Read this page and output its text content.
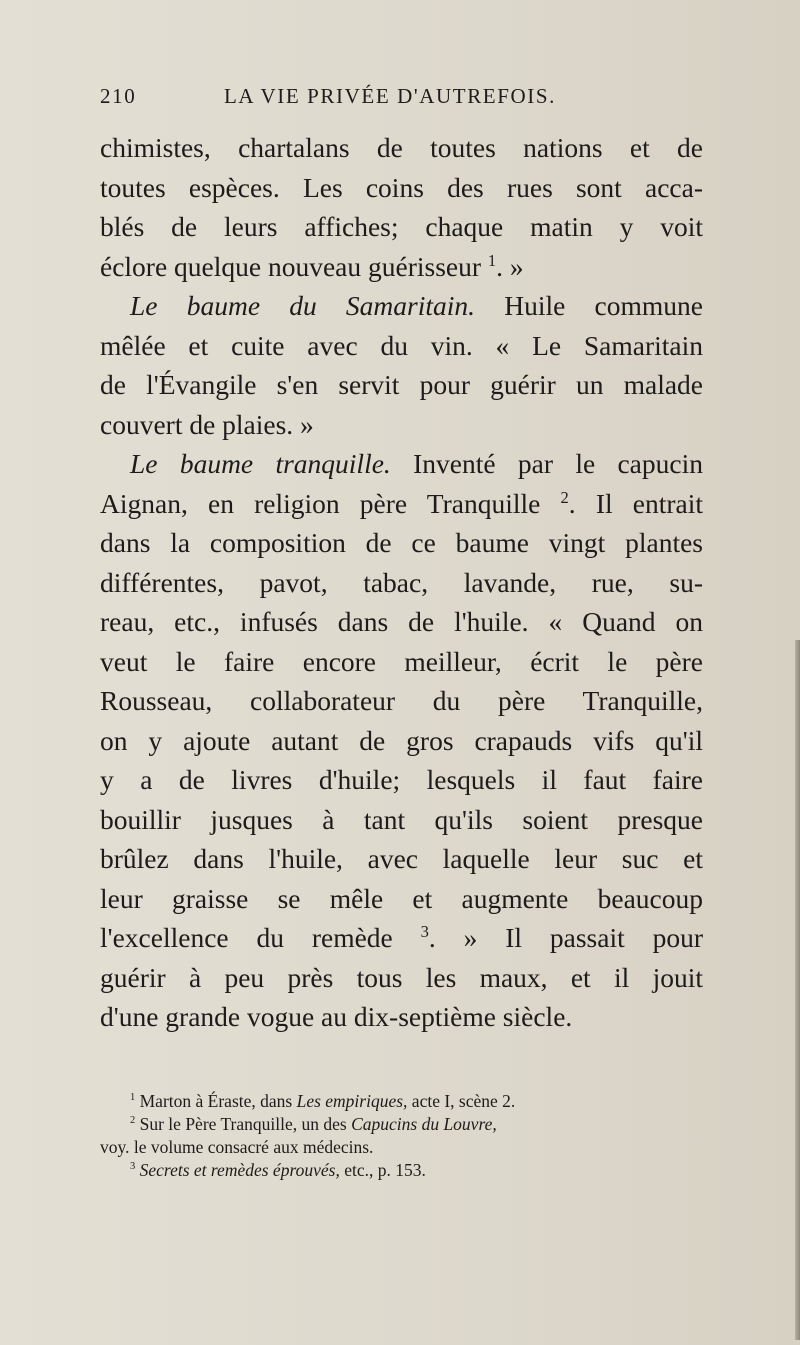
210	LA VIE PRIVÉE D'AUTREFOIS.
chimistes, chartalans de toutes nations et de
toutes espèces. Les coins des rues sont acca-
blés de leurs affiches; chaque matin y voit
éclore quelque nouveau guérisseur $^1$. »
Le baume du Samaritain. Huile commune
mêlée et cuite avec du vin. « Le Samaritain
de l'Évangile s'en servit pour guérir un malade
couvert de plaies. »
Le baume tranquille. Inventé par le capucin
Aignan, en religion père Tranquille $^2$. Il entrait
dans la composition de ce baume vingt plantes
différentes, pavot, tabac, lavande, rue, su-
reau, etc., infusés dans de l'huile. « Quand on
veut le faire encore meilleur, écrit le père
Rousseau, collaborateur du père Tranquille,
on y ajoute autant de gros crapauds vifs qu'il
y a de livres d'huile; lesquels il faut faire
bouillir jusques à tant qu'ils soient presque
brûlez dans l'huile, avec laquelle leur suc et
leur graisse se mêle et augmente beaucoup
l'excellence du remède $^3$. » Il passait pour
guérir à peu près tous les maux, et il jouit
d'une grande vogue au dix-septième siècle.
$^1$ Marton à Éraste, dans Les empiriques, acte I, scène 2.
$^2$ Sur le Père Tranquille, un des Capucins du Louvre,
voy. le volume consacré aux médecins.
$^3$ Secrets et remèdes éprouvés, etc., p. 153.
